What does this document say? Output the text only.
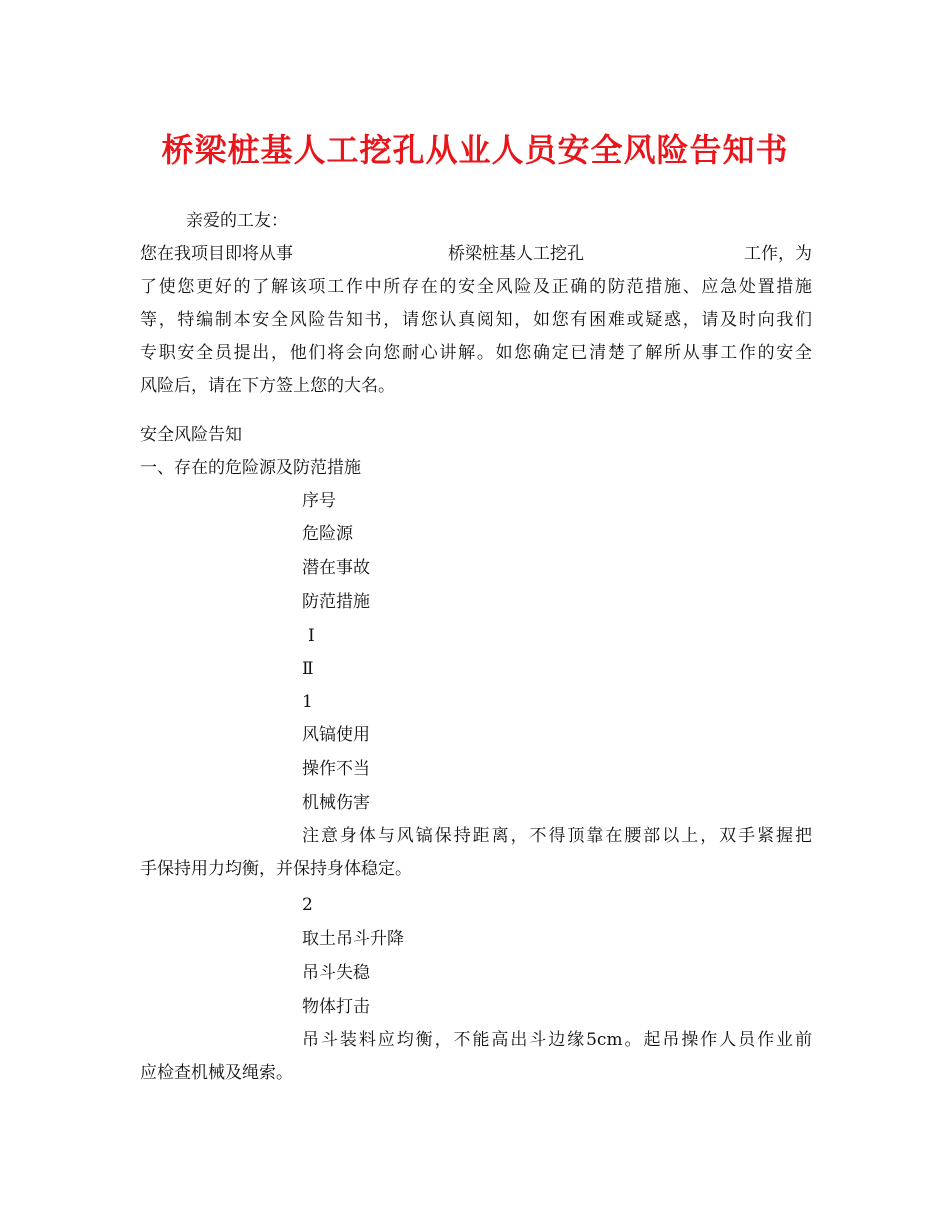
桥梁桩基人工挖孔从业人员安全风险告知书
亲爱的工友：
您在我项目即将从事	桥梁桩基人工挖孔	工作，为
了使您更好的了解该项工作中所存在的安全风险及正确的防范措施、应急处置措施
等，特编制本安全风险告知书，请您认真阅知，如您有困难或疑惑，请及时向我们
专职安全员提出，他们将会向您耐心讲解。如您确定已清楚了解所从事工作的安全
风险后，请在下方签上您的大名。
安全风险告知
一、存在的危险源及防范措施
序号
危险源
潜在事故
防范措施
Ⅰ
Ⅱ
1
风镐使用
操作不当
机械伤害
注意身体与风镐保持距离，不得顶靠在腰部以上，双手紧握把
手保持用力均衡，并保持身体稳定。
2
取土吊斗升降
吊斗失稳
物体打击
吊斗装料应均衡，不能高出斗边缘5cm。起吊操作人员作业前
应检查机械及绳索。
